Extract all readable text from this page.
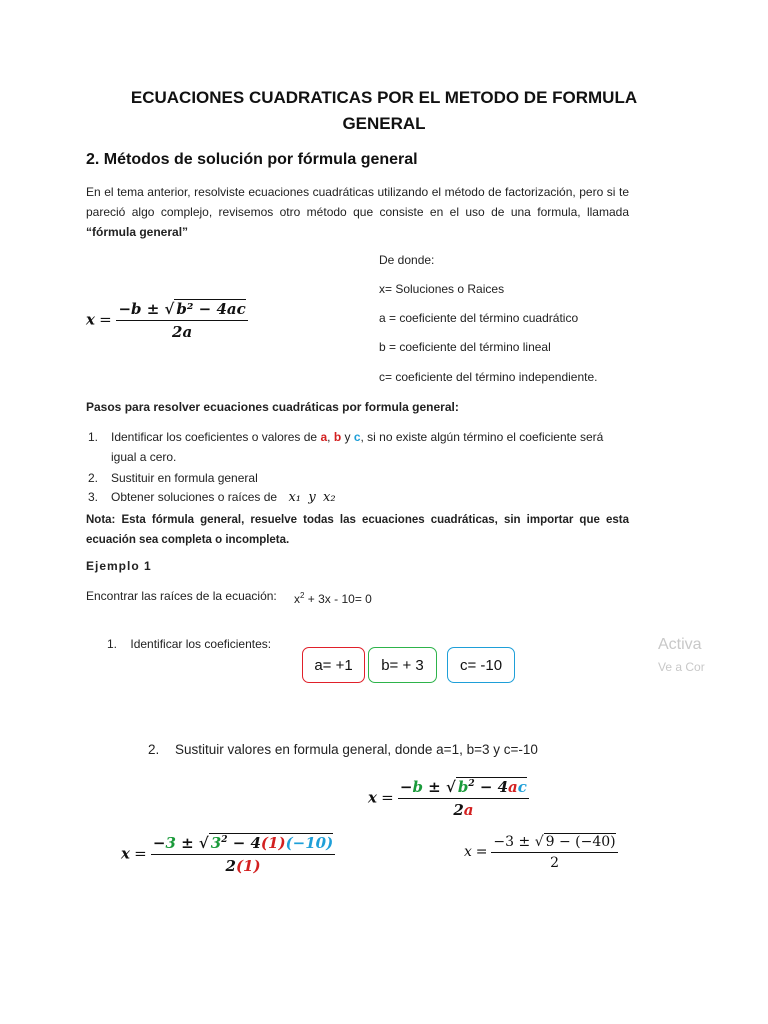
ECUACIONES CUADRATICAS POR EL METODO DE FORMULA
GENERAL
2. Métodos de solución por fórmula general
En el tema anterior, resolviste ecuaciones cuadráticas utilizando el método de factorización, pero si te pareció algo complejo, revisemos otro método que consiste en el uso de una formula, llamada “fórmula general”
$x = \frac{\text{−b ± √ b² − 4ac}}{2a}$
De donde:
x= Soluciones o Raices
a = coeficiente del término cuadrático
b = coeficiente del término lineal
c= coeficiente del término independiente.
Pasos para resolver ecuaciones cuadráticas por formula general:
1. Identificar los coeficientes o valores de a, b y c, si no existe algún término el coeficiente será
igual a cero.
2. Sustituir en formula general
3. Obtener soluciones o raíces de x₁ y x₂
Nota: Esta fórmula general, resuelve todas las ecuaciones cuadráticas, sin importar que esta ecuación sea completa o incompleta.
Ejemplo 1
Encontrar las raíces de la ecuación: $x^2 + 3x - 10= 0$
1. Identificar los coeficientes:
a= +1	b= + 3	c= -10
Activa
Ve a Cor
2. Sustituir valores en formula general, donde a=1, b=3 y c=-10
$x = \frac{-b \pm √ b^2 - 4ac}{2a}$
$x = \frac{-3 \pm √ 3^2 - 4(1)(-10)}{2(1)}$	$x = \frac{-3 \pm √ 9 - (-40)}{2}$
